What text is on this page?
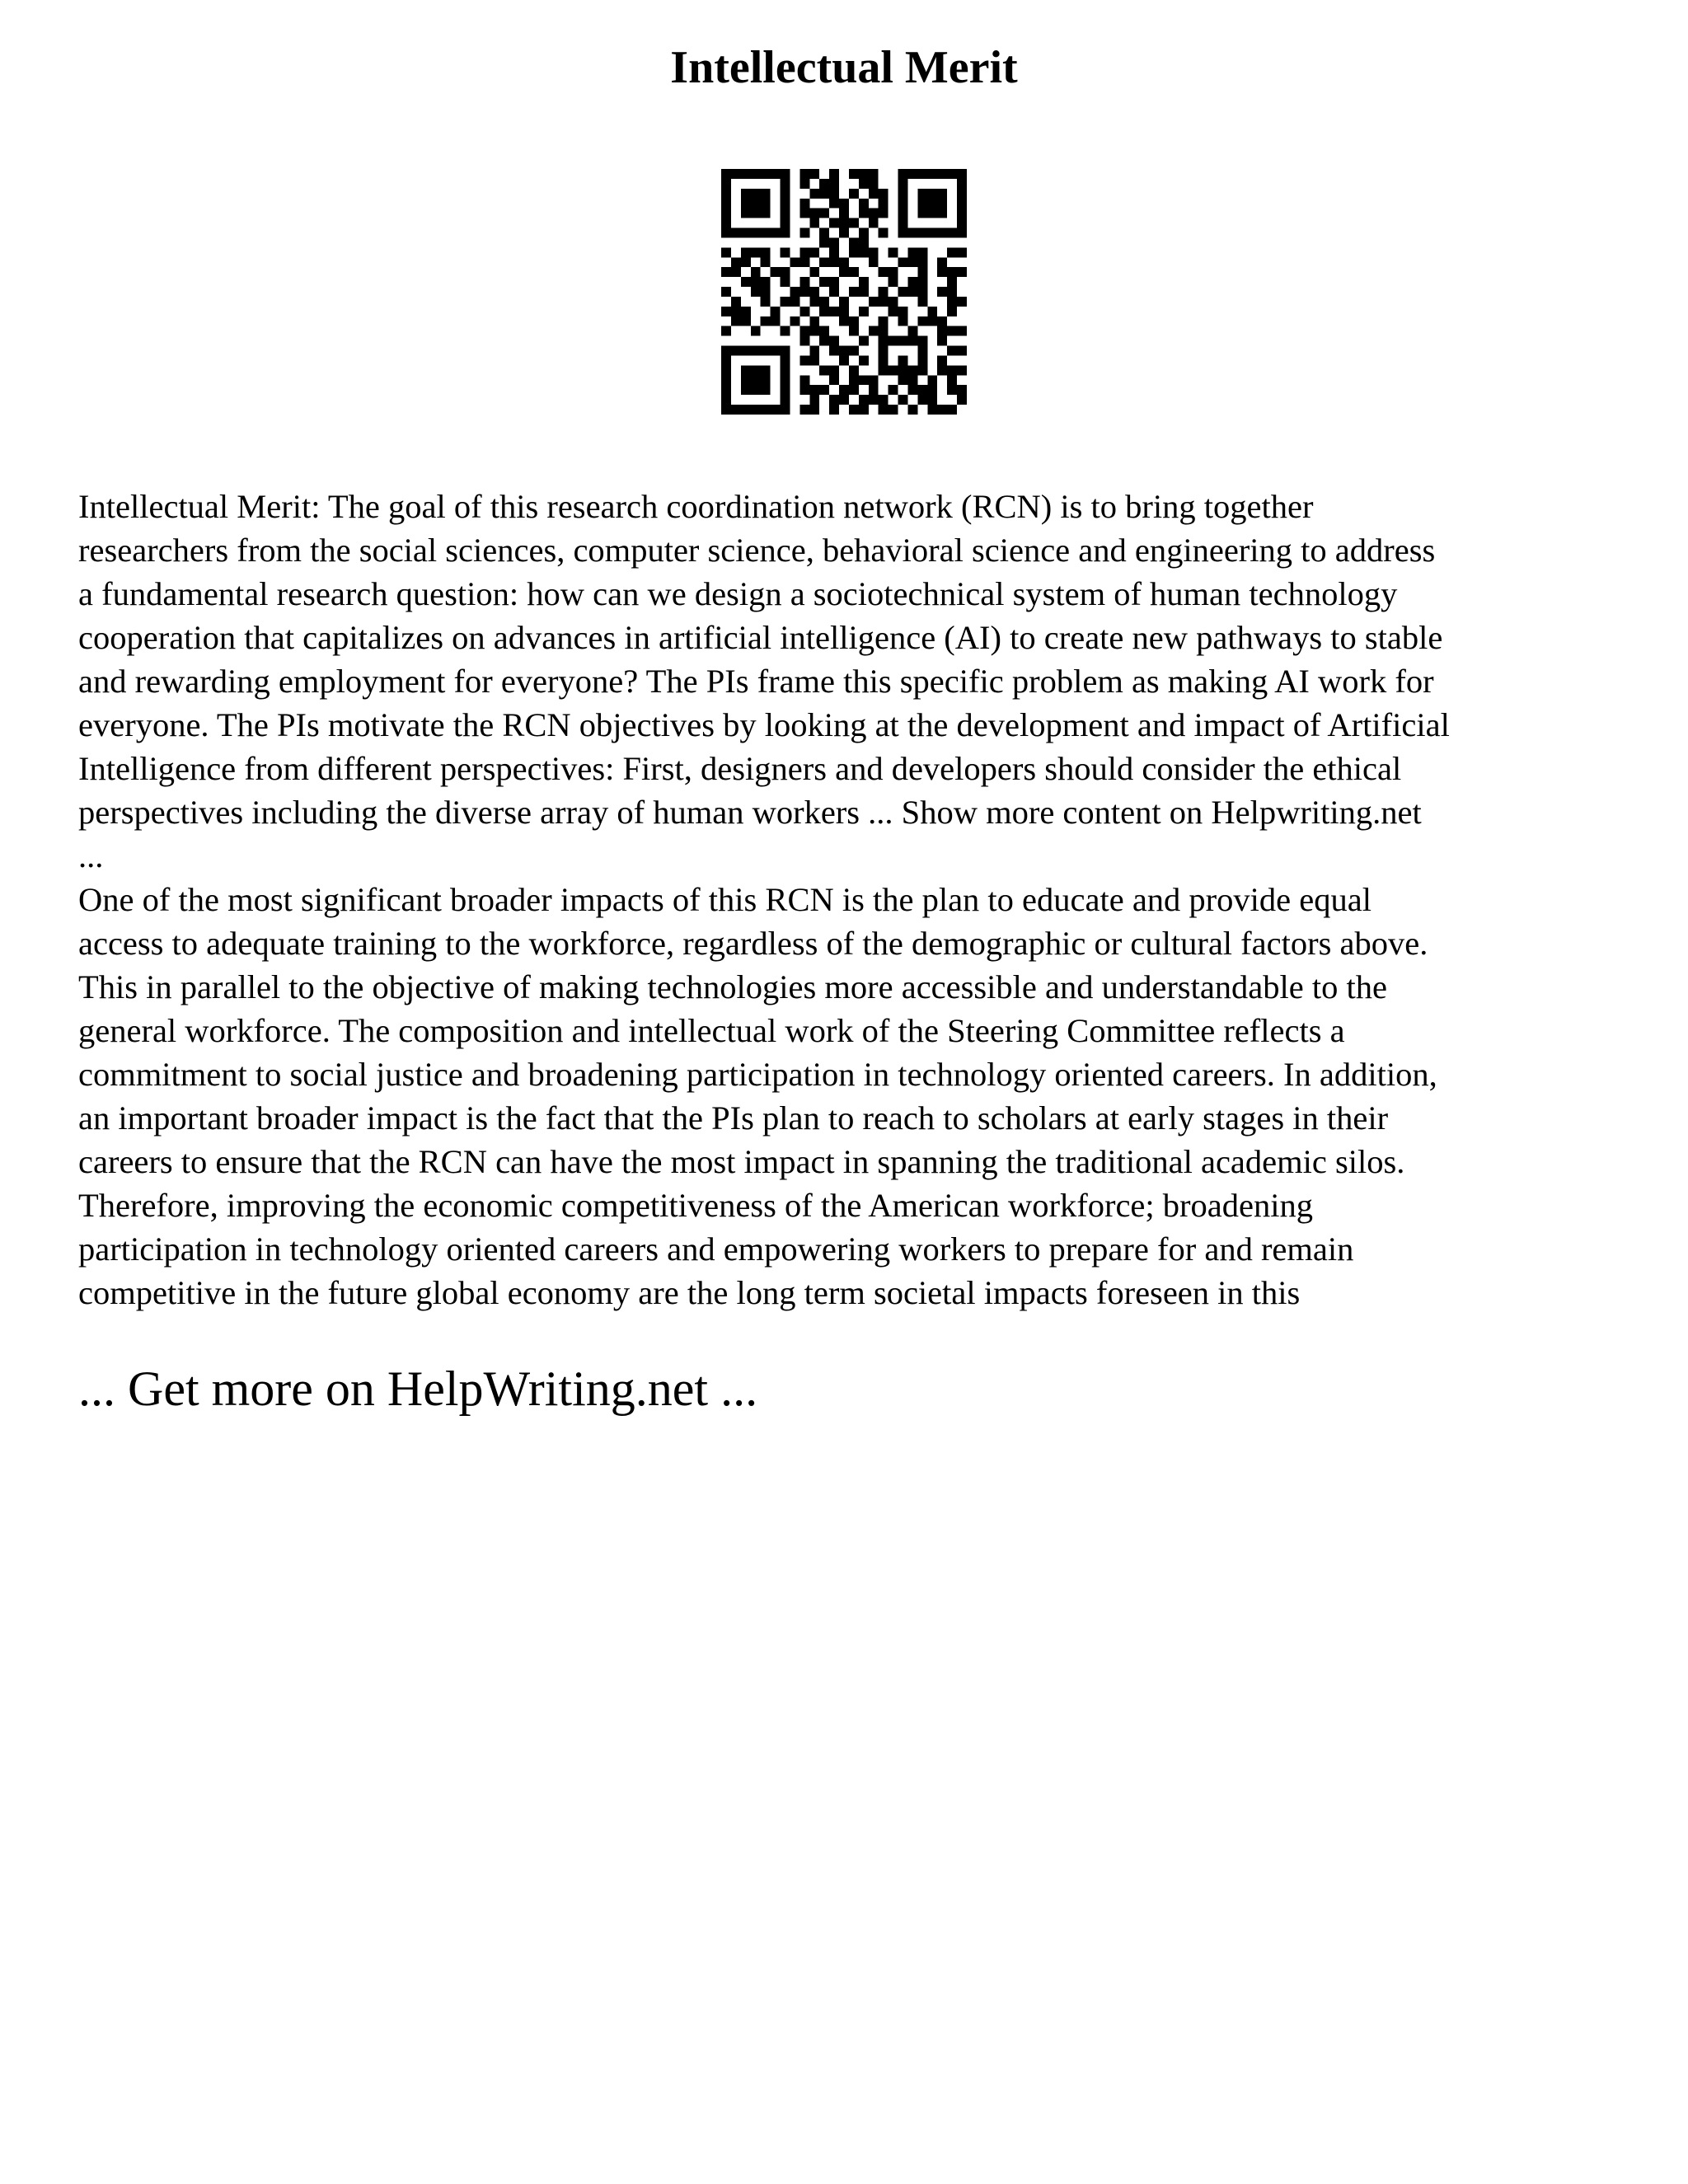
Intellectual Merit
Intellectual Merit: The goal of this research coordination network (RCN) is to bring together
researchers from the social sciences, computer science, behavioral science and engineering to address
a fundamental research question: how can we design a sociotechnical system of human technology
cooperation that capitalizes on advances in artificial intelligence (AI) to create new pathways to stable
and rewarding employment for everyone? The PIs frame this specific problem as making AI work for
everyone. The PIs motivate the RCN objectives by looking at the development and impact of Artificial
Intelligence from different perspectives: First, designers and developers should consider the ethical
perspectives including the diverse array of human workers ... Show more content on Helpwriting.net
...
One of the most significant broader impacts of this RCN is the plan to educate and provide equal
access to adequate training to the workforce, regardless of the demographic or cultural factors above.
This in parallel to the objective of making technologies more accessible and understandable to the
general workforce. The composition and intellectual work of the Steering Committee reflects a
commitment to social justice and broadening participation in technology oriented careers. In addition,
an important broader impact is the fact that the PIs plan to reach to scholars at early stages in their
careers to ensure that the RCN can have the most impact in spanning the traditional academic silos.
Therefore, improving the economic competitiveness of the American workforce; broadening
participation in technology oriented careers and empowering workers to prepare for and remain
competitive in the future global economy are the long term societal impacts foreseen in this

... Get more on HelpWriting.net ...
